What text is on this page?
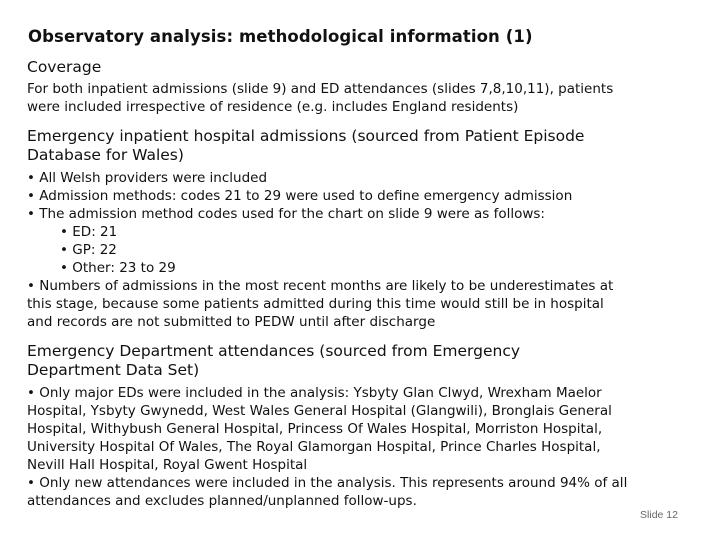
Observatory analysis: methodological information (1)

Coverage

For both inpatient admissions (slide 9) and ED attendances (slides 7,8,10,11), patients
were included irrespective of residence (e.g. includes England residents)
Emergency inpatient hospital admissions (sourced from Patient Episode
Database for Wales)
• All Welsh providers were included
• Admission methods: codes 21 to 29 were used to define emergency admission
• The admission method codes used for the chart on slide 9 were as follows:
• ED: 21
• GP: 22
• Other: 23 to 29
• Numbers of admissions in the most recent months are likely to be underestimates at
this stage, because some patients admitted during this time would still be in hospital
and records are not submitted to PEDW until after discharge
Emergency Department attendances (sourced from Emergency
Department Data Set)
• Only major EDs were included in the analysis: Ysbyty Glan Clwyd, Wrexham Maelor
Hospital, Ysbyty Gwynedd, West Wales General Hospital (Glangwili), Bronglais General
Hospital, Withybush General Hospital, Princess Of Wales Hospital, Morriston Hospital,
University Hospital Of Wales, The Royal Glamorgan Hospital, Prince Charles Hospital,
Nevill Hall Hospital, Royal Gwent Hospital
• Only new attendances were included in the analysis. This represents around 94% of all
attendances and excludes planned/unplanned follow-ups.
Slide 12
